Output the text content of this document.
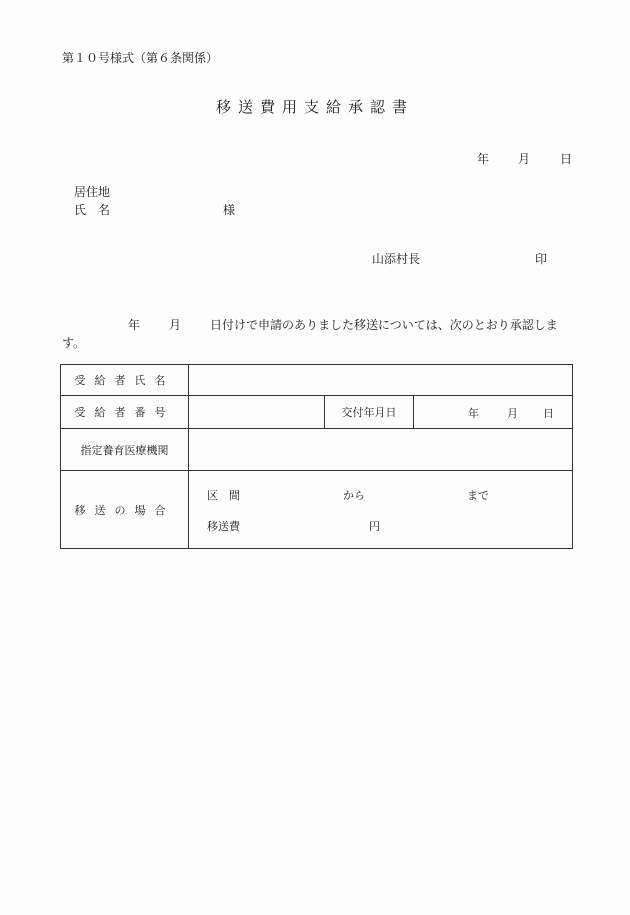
第１０号様式（第６条関係）
移送費用支給承認書
年 月 日
居住地
氏　名	様
山添村長	印
年 月 日付けで申請のありました移送については、次のとおり承認します。
受給者氏名			
受給者番号		交付年月日	年 月 日

指定養育医療機関			
移送の場合	区　間 から まで
移送費 円		
